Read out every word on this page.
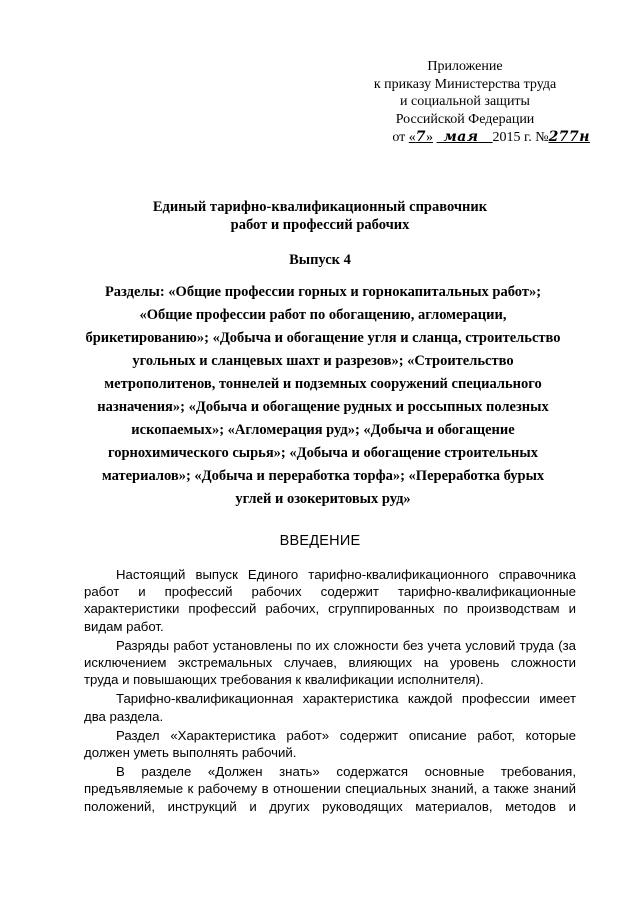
Приложение
к приказу Министерства труда
и социальной защиты
Российской Федерации
от «7» мая 2015 г. №277н
Единый тарифно-квалификационный справочник
работ и профессий рабочих
Выпуск 4
Разделы: «Общие профессии горных и горнокапитальных работ»;
«Общие профессии работ по обогащению, агломерации,
брикетированию»; «Добыча и обогащение угля и сланца, строительство
угольных и сланцевых шахт и разрезов»; «Строительство
метрополитенов, тоннелей и подземных сооружений специального
назначения»; «Добыча и обогащение рудных и россыпных полезных
ископаемых»; «Агломерация руд»; «Добыча и обогащение
горнохимического сырья»; «Добыча и обогащение строительных
материалов»; «Добыча и переработка торфа»; «Переработка бурых
углей и озокеритовых руд»
ВВЕДЕНИЕ

Настоящий выпуск Единого тарифно-квалификационного справочника
работ и профессий рабочих содержит тарифно-квалификационные
характеристики профессий рабочих, сгруппированных по производствам и
видам работ.

Разряды работ установлены по их сложности без учета условий труда (за
исключением экстремальных случаев, влияющих на уровень сложности
труда и повышающих требования к квалификации исполнителя).

Тарифно-квалификационная характеристика каждой профессии имеет
два раздела.

Раздел «Характеристика работ» содержит описание работ, которые
должен уметь выполнять рабочий.

В разделе «Должен знать» содержатся основные требования,
предъявляемые к рабочему в отношении специальных знаний, а также знаний
положений, инструкций и других руководящих материалов, методов и
